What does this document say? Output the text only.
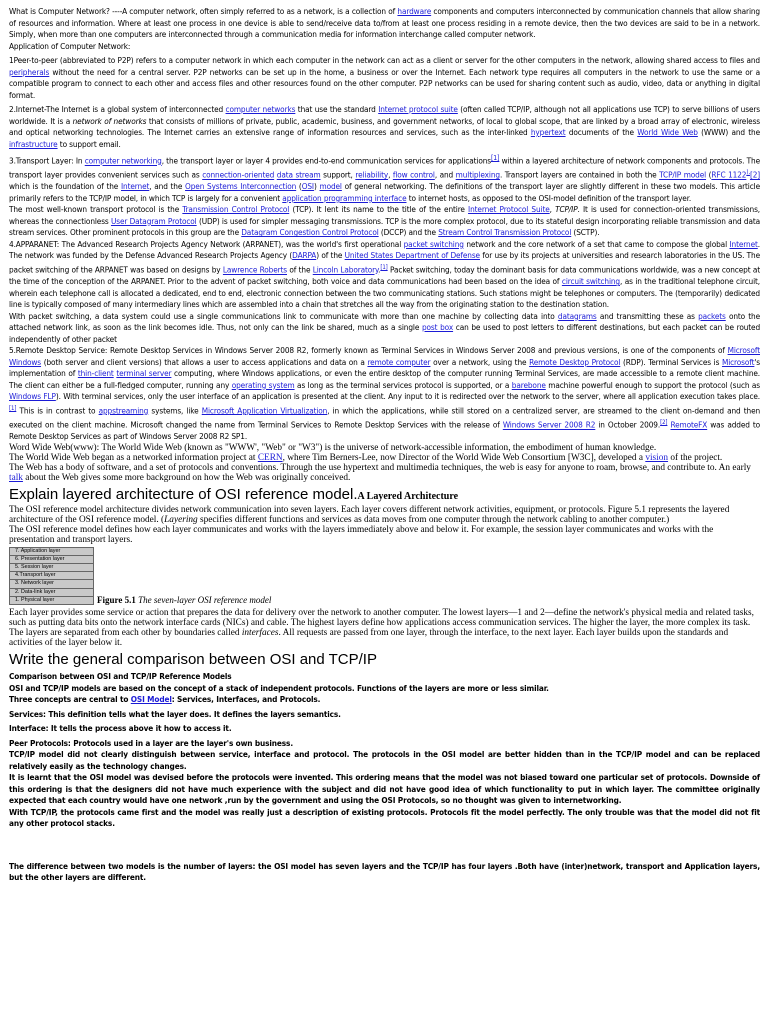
What is Computer Network? ----A computer network, often simply referred to as a network, is a collection of hardware components and computers interconnected by communication channels that allow sharing of resources and information. Where at least one process in one device is able to send/receive data to/from at least one process residing in a remote device, then the two devices are said to be in a network. Simply, when more than one computers are interconnected through a communication media for information interchange called computer network.

Application of Computer Network:

1Peer-to-peer (abbreviated to P2P) refers to a computer network in which each computer in the network can act as a client or server for the other computers in the network, allowing shared access to files and peripherals without the need for a central server. P2P networks can be set up in the home, a business or over the Internet. Each network type requires all computers in the network to use the same or a compatible program to connect to each other and access files and other resources found on the other computer. P2P networks can be used for sharing content such as audio, video, data or anything in digital format.

2.Internet-The Internet is a global system of interconnected computer networks that use the standard Internet protocol suite (often called TCP/IP, although not all applications use TCP) to serve billions of users worldwide. It is a network of networks that consists of millions of private, public, academic, business, and government networks, of local to global scope, that are linked by a broad array of electronic, wireless and optical networking technologies. The Internet carries an extensive range of information resources and services, such as the inter-linked hypertext documents of the World Wide Web (WWW) and the infrastructure to support email.

3.Transport Layer: In computer networking, the transport layer or layer 4 provides end-to-end communication services for applications[1] within a layered architecture of network components and protocols. The transport layer provides convenient services such as connection-oriented data stream support, reliability, flow control, and multiplexing. Transport layers are contained in both the TCP/IP model (RFC 1122),[2] which is the foundation of the Internet, and the Open Systems Interconnection (OSI) model of general networking. The definitions of the transport layer are slightly different in these two models. This article primarily refers to the TCP/IP model, in which TCP is largely for a convenient application programming interface to internet hosts, as opposed to the OSI-model definition of the transport layer.

The most well-known transport protocol is the Transmission Control Protocol (TCP). It lent its name to the title of the entire Internet Protocol Suite, TCP/IP. It is used for connection-oriented transmissions, whereas the connectionless User Datagram Protocol (UDP) is used for simpler messaging transmissions. TCP is the more complex protocol, due to its stateful design incorporating reliable transmission and data stream services. Other prominent protocols in this group are the Datagram Congestion Control Protocol (DCCP) and the Stream Control Transmission Protocol (SCTP).

4.APPARANET: The Advanced Research Projects Agency Network (ARPANET), was the world's first operational packet switching network and the core network of a set that came to compose the global Internet. The network was funded by the Defense Advanced Research Projects Agency (DARPA) of the United States Department of Defense for use by its projects at universities and research laboratories in the US. The packet switching of the ARPANET was based on designs by Lawrence Roberts of the Lincoln Laboratory.[1] Packet switching, today the dominant basis for data communications worldwide, was a new concept at the time of the conception of the ARPANET. Prior to the advent of packet switching, both voice and data communications had been based on the idea of circuit switching, as in the traditional telephone circuit, wherein each telephone call is allocated a dedicated, end to end, electronic connection between the two communicating stations. Such stations might be telephones or computers. The (temporarily) dedicated line is typically composed of many intermediary lines which are assembled into a chain that stretches all the way from the originating station to the destination station.

With packet switching, a data system could use a single communications link to communicate with more than one machine by collecting data into datagrams and transmitting these as packets onto the attached network link, as soon as the link becomes idle. Thus, not only can the link be shared, much as a single post box can be used to post letters to different destinations, but each packet can be routed independently of other packet

5.Remote Desktop Service: Remote Desktop Services in Windows Server 2008 R2, formerly known as Terminal Services in Windows Server 2008 and previous versions, is one of the components of Microsoft Windows (both server and client versions) that allows a user to access applications and data on a remote computer over a network, using the Remote Desktop Protocol (RDP). Terminal Services is Microsoft's implementation of thin-client terminal server computing, where Windows applications, or even the entire desktop of the computer running Terminal Services, are made accessible to a remote client machine. The client can either be a full-fledged computer, running any operating system as long as the terminal services protocol is supported, or a barebone machine powerful enough to support the protocol (such as Windows FLP). With terminal services, only the user interface of an application is presented at the client. Any input to it is redirected over the network to the server, where all application execution takes place.[1] This is in contrast to appstreaming systems, like Microsoft Application Virtualization, in which the applications, while still stored on a centralized server, are streamed to the client on-demand and then executed on the client machine. Microsoft changed the name from Terminal Services to Remote Desktop Services with the release of Windows Server 2008 R2 in October 2009.[2] RemoteFX was added to Remote Desktop Services as part of Windows Server 2008 R2 SP1.

Word Wide Web(www): The World Wide Web (known as "WWW', "Web" or "W3") is the universe of network-accessible information, the embodiment of human knowledge.

The World Wide Web began as a networked information project at CERN, where Tim Berners-Lee, now Director of the World Wide Web Consortium [W3C], developed a vision of the project.

The Web has a body of software, and a set of protocols and conventions. Through the use hypertext and multimedia techniques, the web is easy for anyone to roam, browse, and contribute to. An early talk about the Web gives some more background on how the Web was originally conceived.

Explain layered architecture of OSI reference model.A Layered Architecture

The OSI reference model architecture divides network communication into seven layers. Each layer covers different network activities, equipment, or protocols. Figure 5.1 represents the layered architecture of the OSI reference model. (Layering specifies different functions and services as data moves from one computer through the network cabling to another computer.)

The OSI reference model defines how each layer communicates and works with the layers immediately above and below it. For example, the session layer communicates and works with the presentation and transport layers.

7. Application layer
6. Presentation layer
5. Session layer
4.Transport layer
3. Network layer
2. Data-link layer
1. Physical layer	Figure 5.1 The seven-layer OSI reference model

Each layer provides some service or action that prepares the data for delivery over the network to another computer. The lowest layers—1 and 2—define the network's physical media and related tasks, such as putting data bits onto the network interface cards (NICs) and cable. The highest layers define how applications access communication services. The higher the layer, the more complex its task.

The layers are separated from each other by boundaries called interfaces. All requests are passed from one layer, through the interface, to the next layer. Each layer builds upon the standards and activities of the layer below it.

Write the general comparison between OSI and TCP/IP

Comparison between OSI and TCP/IP Reference Models

OSI and TCP/IP models are based on the concept of a stack of independent protocols. Functions of the layers are more or less similar.

Three concepts are central to OSI Model: Services, Interfaces, and Protocols.

Services: This definition tells what the layer does. It defines the layers semantics.

Interface: It tells the process above it how to access it.

Peer Protocols: Protocols used in a layer are the layer's own business.

TCP/IP model did not clearly distinguish between service, interface and protocol. The protocols in the OSI model are better hidden than in the TCP/IP model and can be replaced relatively easily as the technology changes.

It is learnt that the OSI model was devised before the protocols were invented. This ordering means that the model was not biased toward one particular set of protocols. Downside of this ordering is that the designers did not have much experience with the subject and did not have good idea of which functionality to put in which layer. The committee originally expected that each country would have one network ,run by the government and using the OSI Protocols, so no thought was given to internetworking.

With TCP/IP, the protocols came first and the model was really just a description of existing protocols. Protocols fit the model perfectly. The only trouble was that the model did not fit any other protocol stacks.

The difference between two models is the number of layers: the OSI model has seven layers and the TCP/IP has four layers .Both have (inter)network, transport and Application layers, but the other layers are different.
